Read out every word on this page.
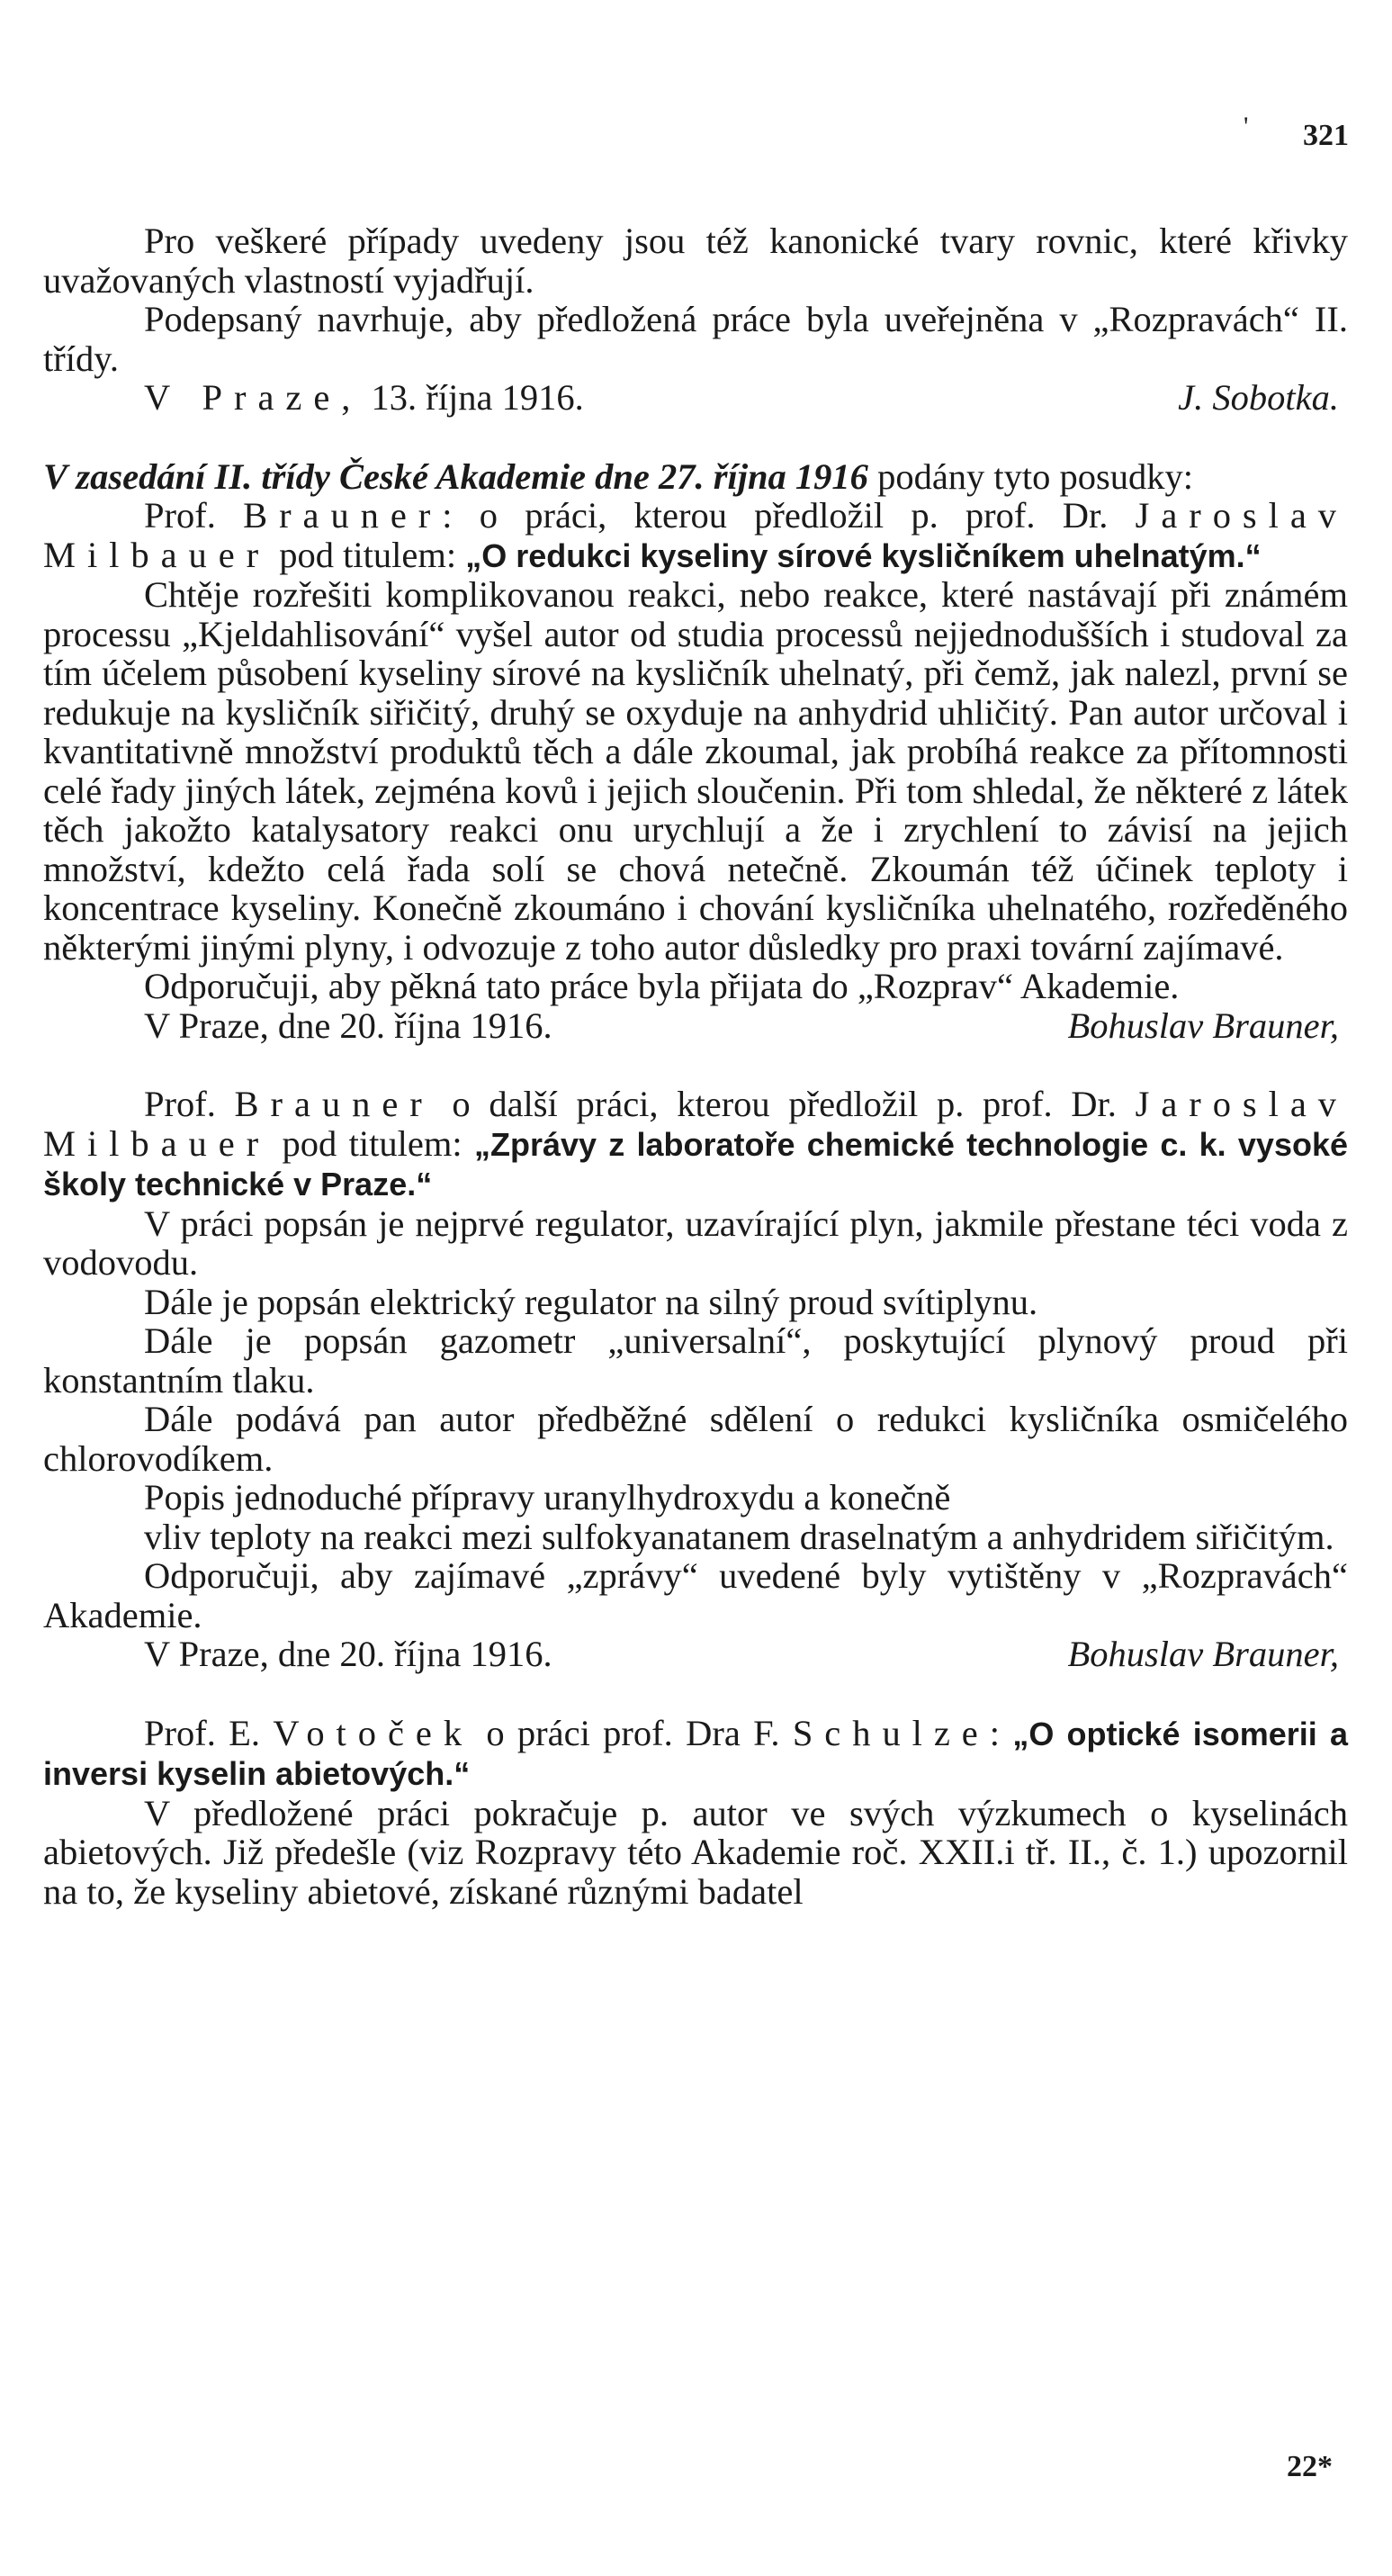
' 321

Pro veškeré případy uvedeny jsou též kanonické tvary rovnic, které křivky uvažovaných vlastností vyjadřují.

Podepsaný navrhuje, aby předložená práce byla uveřejněna v „Rozpravách“ II. třídy.

V Praze, 13. října 1916.	J. Sobotka.

V zasedání II. třídy České Akademie dne 27. října 1916 podány tyto posudky:

Prof. Brauner: o práci, kterou předložil p. prof. Dr. Jaroslav Milbauer pod titulem: „O redukci kyseliny sírové kysličníkem uhelnatým.“

Chtěje rozřešiti komplikovanou reakci, nebo reakce, které nastávají při známém processu „Kjeldahlisování“ vyšel autor od studia processů nejjednodušších i studoval za tím účelem působení kyseliny sírové na kysličník uhelnatý, při čemž, jak nalezl, první se redukuje na kysličník siřičitý, druhý se oxyduje na anhydrid uhličitý. Pan autor určoval i kvantitativně množství produktů těch a dále zkoumal, jak probíhá reakce za přítomnosti celé řady jiných látek, zejména kovů i jejich sloučenin. Při tom shledal, že některé z látek těch jakožto katalysatory reakci onu urychlují a že i zrychlení to závisí na jejich množství, kdežto celá řada solí se chová netečně. Zkoumán též účinek teploty i koncentrace kyseliny. Konečně zkoumáno i chování kysličníka uhelnatého, rozředěného některými jinými plyny, i odvozuje z toho autor důsledky pro praxi tovární zajímavé.

Odporučuji, aby pěkná tato práce byla přijata do „Rozprav“ Akademie.

V Praze, dne 20. října 1916.	Bohuslav Brauner,

Prof. Brauner o další práci, kterou předložil p. prof. Dr. Jaroslav Milbauer pod titulem: „Zprávy z laboratoře chemické technologie c. k. vysoké školy technické v Praze.“

V práci popsán je nejprvé regulator, uzavírající plyn, jakmile přestane téci voda z vodovodu.

Dále je popsán elektrický regulator na silný proud svítiplynu.

Dále je popsán gazometr „universalní“, poskytující plynový proud při konstantním tlaku.

Dále podává pan autor předběžné sdělení o redukci kysličníka osmičelého chlorovodíkem.

Popis jednoduché přípravy uranylhydroxydu a konečně

vliv teploty na reakci mezi sulfokyanatanem draselnatým a anhydridem siřičitým.

Odporučuji, aby zajímavé „zprávy“ uvedené byly vytištěny v „Rozpravách“ Akademie.

V Praze, dne 20. října 1916.	Bohuslav Brauner,

Prof. E. Votoček o práci prof. Dra F. Schulze: „O optické isomerii a inversi kyselin abietových.“

V předložené práci pokračuje p. autor ve svých výzkumech o kyselinách abietových. Již předešle (viz Rozpravy této Akademie roč. XXII.i tř. II., č. 1.) upozornil na to, že kyseliny abietové, získané různými badatel

22*
